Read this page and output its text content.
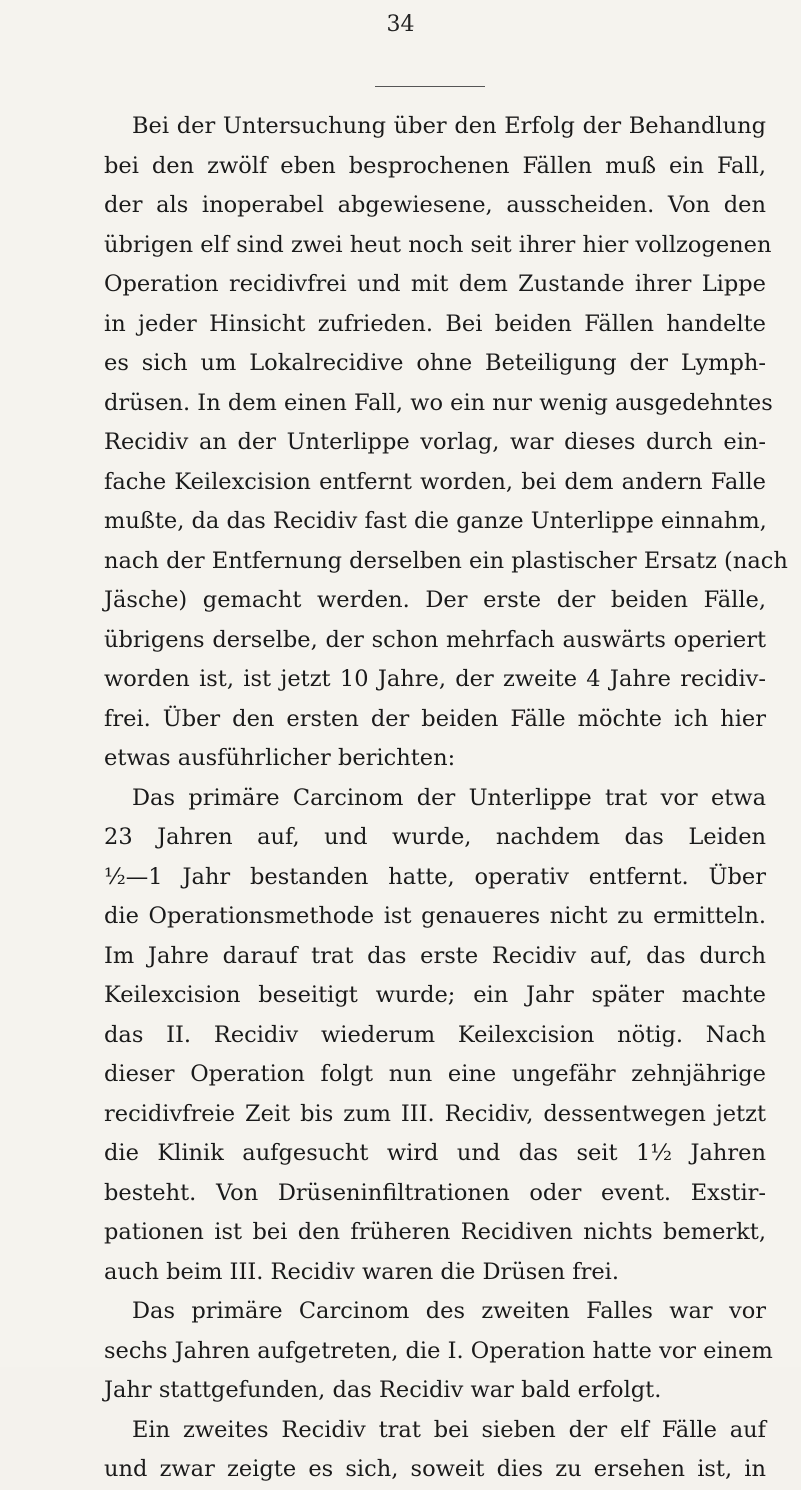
34
Bei der Untersuchung über den Erfolg der Behandlung
bei den zwölf eben besprochenen Fällen muß ein Fall,
der als inoperabel abgewiesene, ausscheiden. Von den
übrigen elf sind zwei heut noch seit ihrer hier vollzogenen
Operation recidivfrei und mit dem Zustande ihrer Lippe
in jeder Hinsicht zufrieden. Bei beiden Fällen handelte
es sich um Lokalrecidive ohne Beteiligung der Lymph-
drüsen. In dem einen Fall, wo ein nur wenig ausgedehntes
Recidiv an der Unterlippe vorlag, war dieses durch ein-
fache Keilexcision entfernt worden, bei dem andern Falle
mußte, da das Recidiv fast die ganze Unterlippe einnahm,
nach der Entfernung derselben ein plastischer Ersatz (nach
Jäsche) gemacht werden. Der erste der beiden Fälle,
übrigens derselbe, der schon mehrfach auswärts operiert
worden ist, ist jetzt 10 Jahre, der zweite 4 Jahre recidiv-
frei. Über den ersten der beiden Fälle möchte ich hier
etwas ausführlicher berichten:
Das primäre Carcinom der Unterlippe trat vor etwa
23 Jahren auf, und wurde, nachdem das Leiden
½—1 Jahr bestanden hatte, operativ entfernt. Über
die Operationsmethode ist genaueres nicht zu ermitteln.
Im Jahre darauf trat das erste Recidiv auf, das durch
Keilexcision beseitigt wurde; ein Jahr später machte
das II. Recidiv wiederum Keilexcision nötig. Nach
dieser Operation folgt nun eine ungefähr zehnjährige
recidivfreie Zeit bis zum III. Recidiv, dessentwegen jetzt
die Klinik aufgesucht wird und das seit 1½ Jahren
besteht. Von Drüseninfiltrationen oder event. Exstir-
pationen ist bei den früheren Recidiven nichts bemerkt,
auch beim III. Recidiv waren die Drüsen frei.
Das primäre Carcinom des zweiten Falles war vor
sechs Jahren aufgetreten, die I. Operation hatte vor einem
Jahr stattgefunden, das Recidiv war bald erfolgt.
Ein zweites Recidiv trat bei sieben der elf Fälle auf
und zwar zeigte es sich, soweit dies zu ersehen ist, in
